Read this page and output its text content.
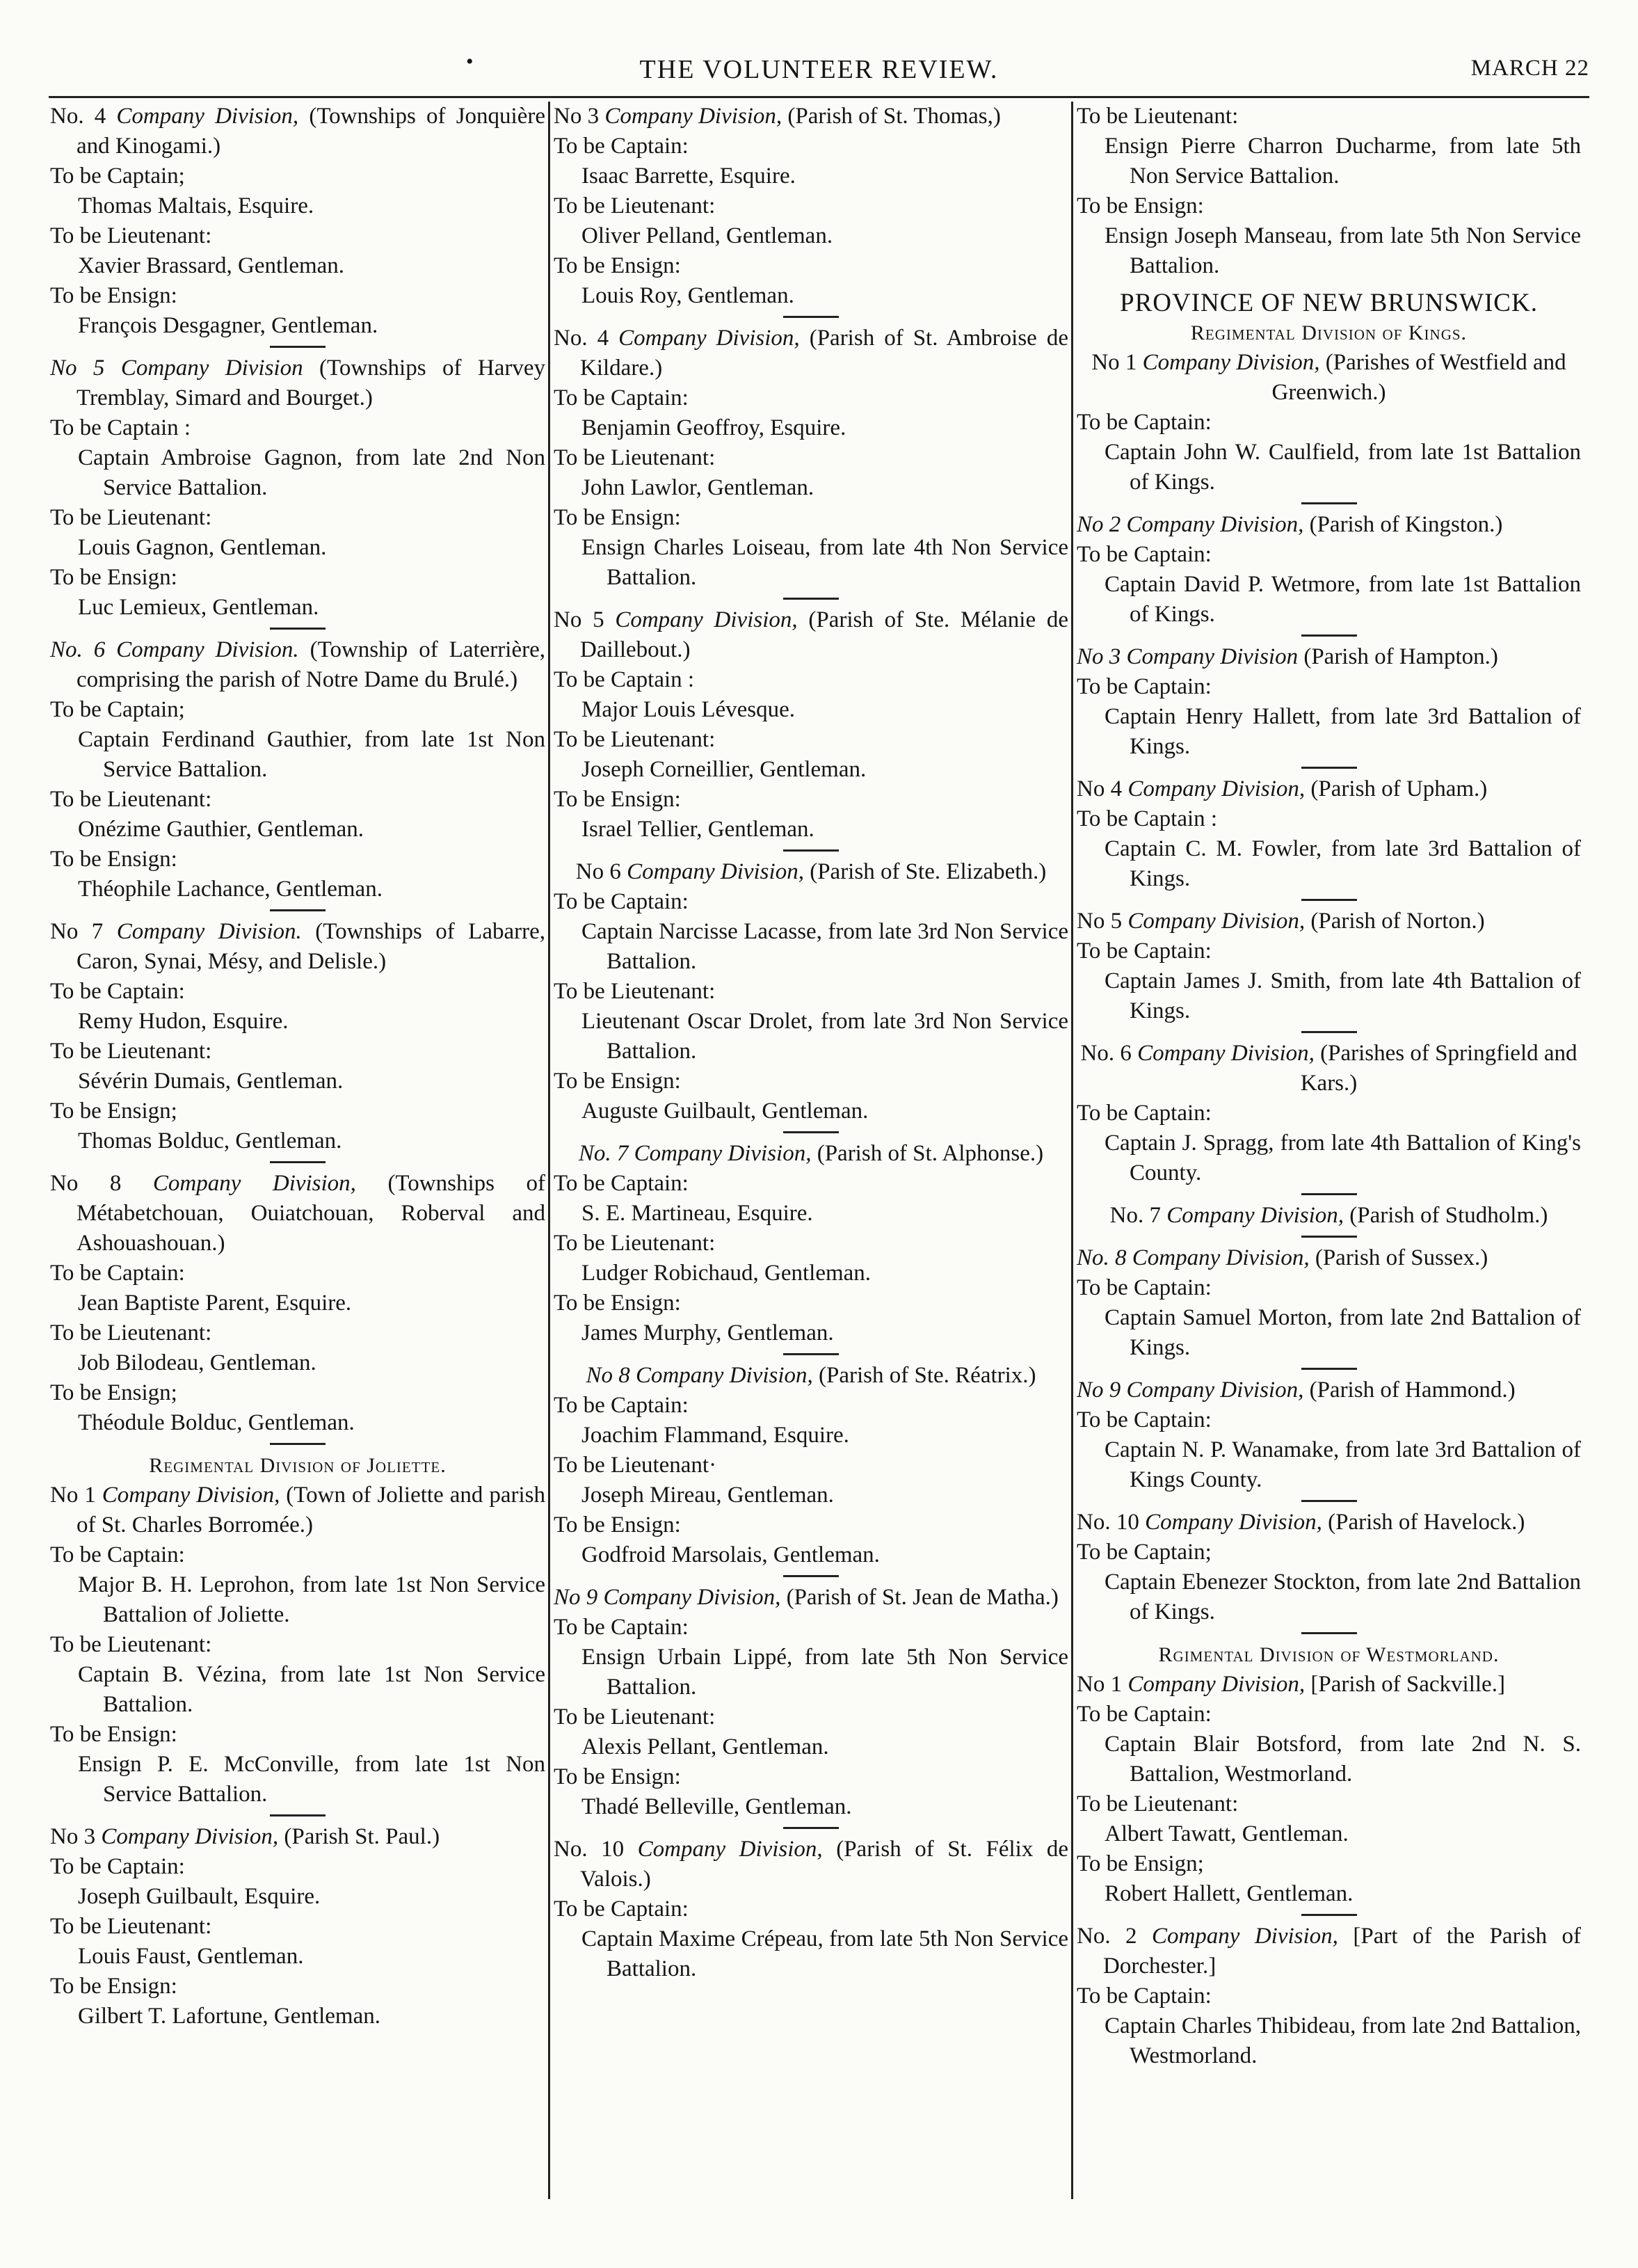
•	THE VOLUNTEER REVIEW.	MARCH 22
No. 4 Company Division, (Townships of Jonquière and Kinogami.)
To be Captain;
Thomas Maltais, Esquire.
To be Lieutenant:
Xavier Brassard, Gentleman.
To be Ensign:
François Desgagner, Gentleman.
No 5 Company Division (Townships of Harvey Tremblay, Simard and Bourget.)
To be Captain :
Captain Ambroise Gagnon, from late 2nd Non Service Battalion.
To be Lieutenant:
Louis Gagnon, Gentleman.
To be Ensign:
Luc Lemieux, Gentleman.
No. 6 Company Division. (Township of Laterrière, comprising the parish of Notre Dame du Brulé.)
To be Captain;
Captain Ferdinand Gauthier, from late 1st Non Service Battalion.
To be Lieutenant:
Onézime Gauthier, Gentleman.
To be Ensign:
Théophile Lachance, Gentleman.
No 7 Company Division. (Townships of Labarre, Caron, Synai, Mésy, and Delisle.)
To be Captain:
Remy Hudon, Esquire.
To be Lieutenant:
Sévérin Dumais, Gentleman.
To be Ensign;
Thomas Bolduc, Gentleman.
No 8 Company Division, (Townships of Métabetchouan, Ouiatchouan, Roberval and Ashouashouan.)
To be Captain:
Jean Baptiste Parent, Esquire.
To be Lieutenant:
Job Bilodeau, Gentleman.
To be Ensign;
Théodule Bolduc, Gentleman.
Regimental Division of Joliette.
No 1 Company Division, (Town of Joliette and parish of St. Charles Borromée.)
To be Captain:
Major B. H. Leprohon, from late 1st Non Service Battalion of Joliette.
To be Lieutenant:
Captain B. Vézina, from late 1st Non Service Battalion.
To be Ensign:
Ensign P. E. McConville, from late 1st Non Service Battalion.
No 3 Company Division, (Parish St. Paul.)
To be Captain:
Joseph Guilbault, Esquire.
To be Lieutenant:
Louis Faust, Gentleman.
To be Ensign:
Gilbert T. Lafortune, Gentleman.
No 3 Company Division, (Parish of St. Thomas,)
To be Captain:
Isaac Barrette, Esquire.
To be Lieutenant:
Oliver Pelland, Gentleman.
To be Ensign:
Louis Roy, Gentleman.
No. 4 Company Division, (Parish of St. Ambroise de Kildare.)
To be Captain:
Benjamin Geoffroy, Esquire.
To be Lieutenant:
John Lawlor, Gentleman.
To be Ensign:
Ensign Charles Loiseau, from late 4th Non Service Battalion.
No 5 Company Division, (Parish of Ste. Mélanie de Daillebout.)
To be Captain :
Major Louis Lévesque.
To be Lieutenant:
Joseph Corneillier, Gentleman.
To be Ensign:
Israel Tellier, Gentleman.
No 6 Company Division, (Parish of Ste. Elizabeth.)
To be Captain:
Captain Narcisse Lacasse, from late 3rd Non Service Battalion.
To be Lieutenant:
Lieutenant Oscar Drolet, from late 3rd Non Service Battalion.
To be Ensign:
Auguste Guilbault, Gentleman.
No. 7 Company Division, (Parish of St. Alphonse.)
To be Captain:
S. E. Martineau, Esquire.
To be Lieutenant:
Ludger Robichaud, Gentleman.
To be Ensign:
James Murphy, Gentleman.
No 8 Company Division, (Parish of Ste. Réatrix.)
To be Captain:
Joachim Flammand, Esquire.
To be Lieutenant·
Joseph Mireau, Gentleman.
To be Ensign:
Godfroid Marsolais, Gentleman.
No 9 Company Division, (Parish of St. Jean de Matha.)
To be Captain:
Ensign Urbain Lippé, from late 5th Non Service Battalion.
To be Lieutenant:
Alexis Pellant, Gentleman.
To be Ensign:
Thadé Belleville, Gentleman.
No. 10 Company Division, (Parish of St. Félix de Valois.)
To be Captain:
Captain Maxime Crépeau, from late 5th Non Service Battalion.
To be Lieutenant:
Ensign Pierre Charron Ducharme, from late 5th Non Service Battalion.
To be Ensign:
Ensign Joseph Manseau, from late 5th Non Service Battalion.
PROVINCE OF NEW BRUNSWICK.
Regimental Division of Kings.
No 1 Company Division, (Parishes of Westfield and Greenwich.)
To be Captain:
Captain John W. Caulfield, from late 1st Battalion of Kings.
No 2 Company Division, (Parish of Kingston.)
To be Captain:
Captain David P. Wetmore, from late 1st Battalion of Kings.
No 3 Company Division (Parish of Hampton.)
To be Captain:
Captain Henry Hallett, from late 3rd Battalion of Kings.
No 4 Company Division, (Parish of Upham.)
To be Captain :
Captain C. M. Fowler, from late 3rd Battalion of Kings.
No 5 Company Division, (Parish of Norton.)
To be Captain:
Captain James J. Smith, from late 4th Battalion of Kings.
No. 6 Company Division, (Parishes of Springfield and Kars.)
To be Captain:
Captain J. Spragg, from late 4th Battalion of King's County.
No. 7 Company Division, (Parish of Studholm.)
No. 8 Company Division, (Parish of Sussex.)
To be Captain:
Captain Samuel Morton, from late 2nd Battalion of Kings.
No 9 Company Division, (Parish of Hammond.)
To be Captain:
Captain N. P. Wanamake, from late 3rd Battalion of Kings County.
No. 10 Company Division, (Parish of Havelock.)
To be Captain;
Captain Ebenezer Stockton, from late 2nd Battalion of Kings.
Rgimental Division of Westmorland.
No 1 Company Division, [Parish of Sackville.]
To be Captain:
Captain Blair Botsford, from late 2nd N. S. Battalion, Westmorland.
To be Lieutenant:
Albert Tawatt, Gentleman.
To be Ensign;
Robert Hallett, Gentleman.
No. 2 Company Division, [Part of the Parish of Dorchester.]
To be Captain:
Captain Charles Thibideau, from late 2nd Battalion, Westmorland.
